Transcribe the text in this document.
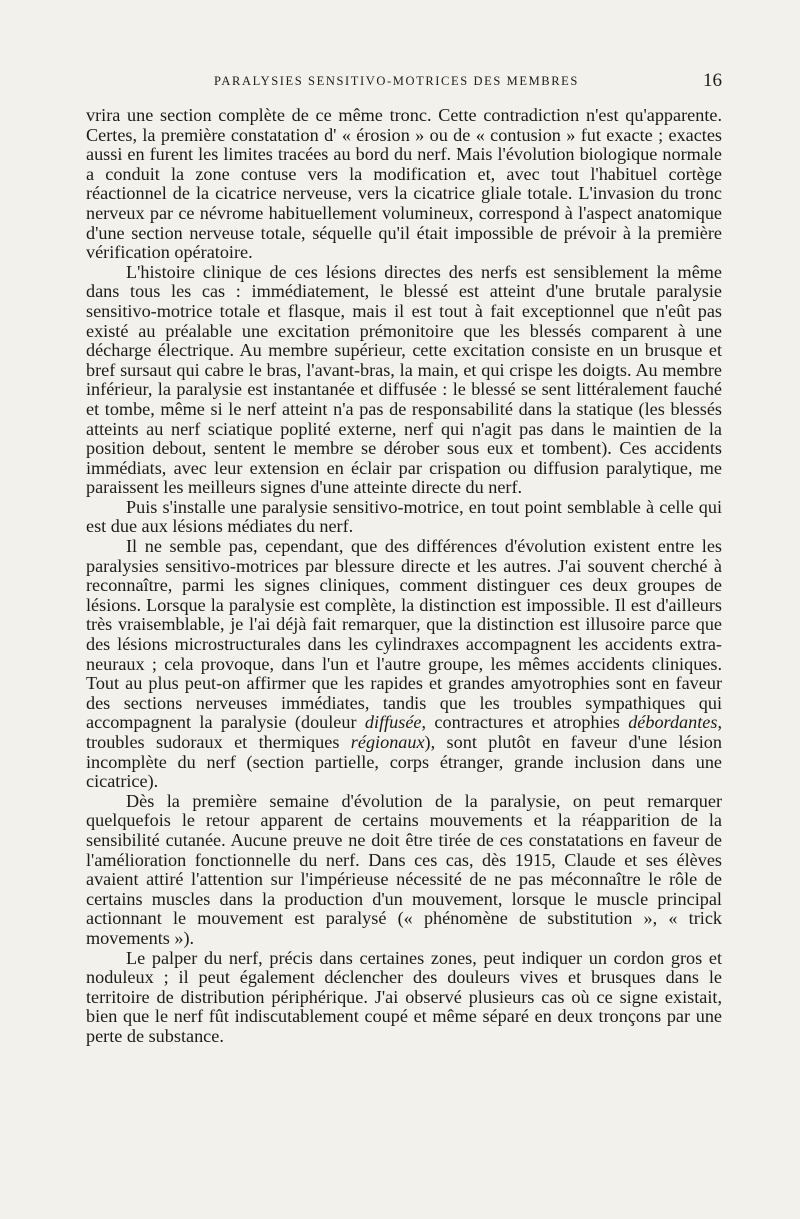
PARALYSIES SENSITIVO-MOTRICES DES MEMBRES	16

vrira une section complète de ce même tronc. Cette contradiction n'est qu'apparente. Certes, la première constatation d' « érosion » ou de « contusion » fut exacte ; exactes aussi en furent les limites tracées au bord du nerf. Mais l'évolution biologique normale a conduit la zone contuse vers la modification et, avec tout l'habituel cortège réactionnel de la cicatrice nerveuse, vers la cicatrice gliale totale. L'invasion du tronc nerveux par ce névrome habituellement volumineux, correspond à l'aspect anatomique d'une section nerveuse totale, séquelle qu'il était impossible de prévoir à la première vérification opératoire.

L'histoire clinique de ces lésions directes des nerfs est sensiblement la même dans tous les cas : immédiatement, le blessé est atteint d'une brutale paralysie sensitivo-motrice totale et flasque, mais il est tout à fait exceptionnel que n'eût pas existé au préalable une excitation prémonitoire que les blessés comparent à une décharge électrique. Au membre supérieur, cette excitation consiste en un brusque et bref sursaut qui cabre le bras, l'avant-bras, la main, et qui crispe les doigts. Au membre inférieur, la paralysie est instantanée et diffusée : le blessé se sent littéralement fauché et tombe, même si le nerf atteint n'a pas de responsabilité dans la statique (les blessés atteints au nerf sciatique poplité externe, nerf qui n'agit pas dans le maintien de la position debout, sentent le membre se dérober sous eux et tombent). Ces accidents immédiats, avec leur extension en éclair par crispation ou diffusion paralytique, me paraissent les meilleurs signes d'une atteinte directe du nerf.

Puis s'installe une paralysie sensitivo-motrice, en tout point semblable à celle qui est due aux lésions médiates du nerf.

Il ne semble pas, cependant, que des différences d'évolution existent entre les paralysies sensitivo-motrices par blessure directe et les autres. J'ai souvent cherché à reconnaître, parmi les signes cliniques, comment distinguer ces deux groupes de lésions. Lorsque la paralysie est complète, la distinction est impossible. Il est d'ailleurs très vraisemblable, je l'ai déjà fait remarquer, que la distinction est illusoire parce que des lésions microstructurales dans les cylindraxes accompagnent les accidents extra-neuraux ; cela provoque, dans l'un et l'autre groupe, les mêmes accidents cliniques. Tout au plus peut-on affirmer que les rapides et grandes amyotrophies sont en faveur des sections nerveuses immédiates, tandis que les troubles sympathiques qui accompagnent la paralysie (douleur diffusée, contractures et atrophies débordantes, troubles sudoraux et thermiques régionaux), sont plutôt en faveur d'une lésion incomplète du nerf (section partielle, corps étranger, grande inclusion dans une cicatrice).

Dès la première semaine d'évolution de la paralysie, on peut remarquer quelquefois le retour apparent de certains mouvements et la réapparition de la sensibilité cutanée. Aucune preuve ne doit être tirée de ces constatations en faveur de l'amélioration fonctionnelle du nerf. Dans ces cas, dès 1915, Claude et ses élèves avaient attiré l'attention sur l'impérieuse nécessité de ne pas méconnaître le rôle de certains muscles dans la production d'un mouvement, lorsque le muscle principal actionnant le mouvement est paralysé (« phénomène de substitution », « trick movements »).

Le palper du nerf, précis dans certaines zones, peut indiquer un cordon gros et noduleux ; il peut également déclencher des douleurs vives et brusques dans le territoire de distribution périphérique. J'ai observé plusieurs cas où ce signe existait, bien que le nerf fût indiscutablement coupé et même séparé en deux tronçons par une perte de substance.
